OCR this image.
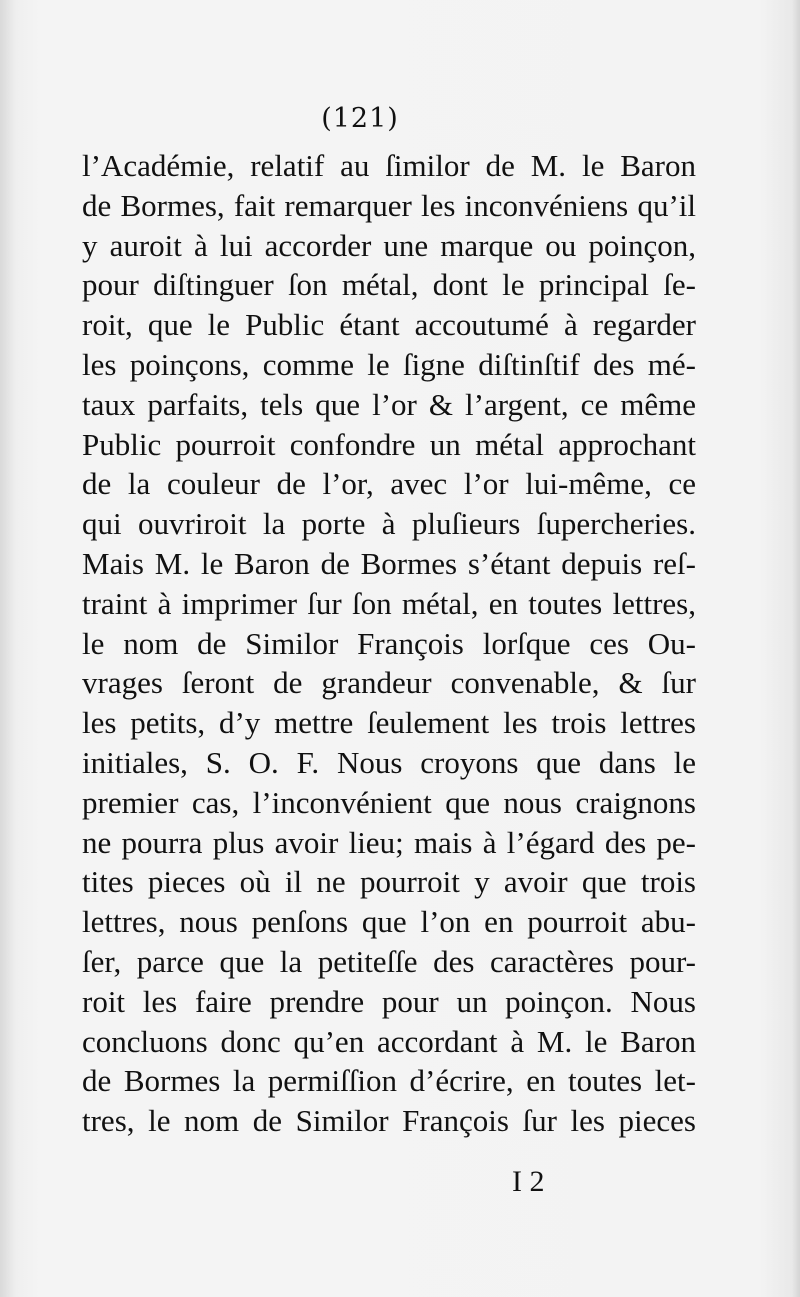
(121)
l’Académie, relatif au ſimilor de M. le Baron
de Bormes, fait remarquer les inconvéniens qu’il
y auroit à lui accorder une marque ou poinçon,
pour diſtinguer ſon métal, dont le principal ſe-
roit, que le Public étant accoutumé à regarder
les poinçons, comme le ſigne diſtinſtif des mé-
taux parfaits, tels que l’or & l’argent, ce même
Public pourroit confondre un métal approchant
de la couleur de l’or, avec l’or lui-même, ce
qui ouvriroit la porte à pluſieurs ſupercheries.
Mais M. le Baron de Bormes s’étant depuis reſ-
traint à imprimer ſur ſon métal, en toutes lettres,
le nom de Similor François lorſque ces Ou-
vrages ſeront de grandeur convenable, & ſur
les petits, d’y mettre ſeulement les trois lettres
initiales, S. O. F. Nous croyons que dans le
premier cas, l’inconvénient que nous craignons
ne pourra plus avoir lieu; mais à l’égard des pe-
tites pieces où il ne pourroit y avoir que trois
lettres, nous penſons que l’on en pourroit abu-
ſer, parce que la petiteſſe des caractères pour-
roit les faire prendre pour un poinçon. Nous
concluons donc qu’en accordant à M. le Baron
de Bormes la permiſſion d’écrire, en toutes let-
tres, le nom de Similor François ſur les pieces
I 2
